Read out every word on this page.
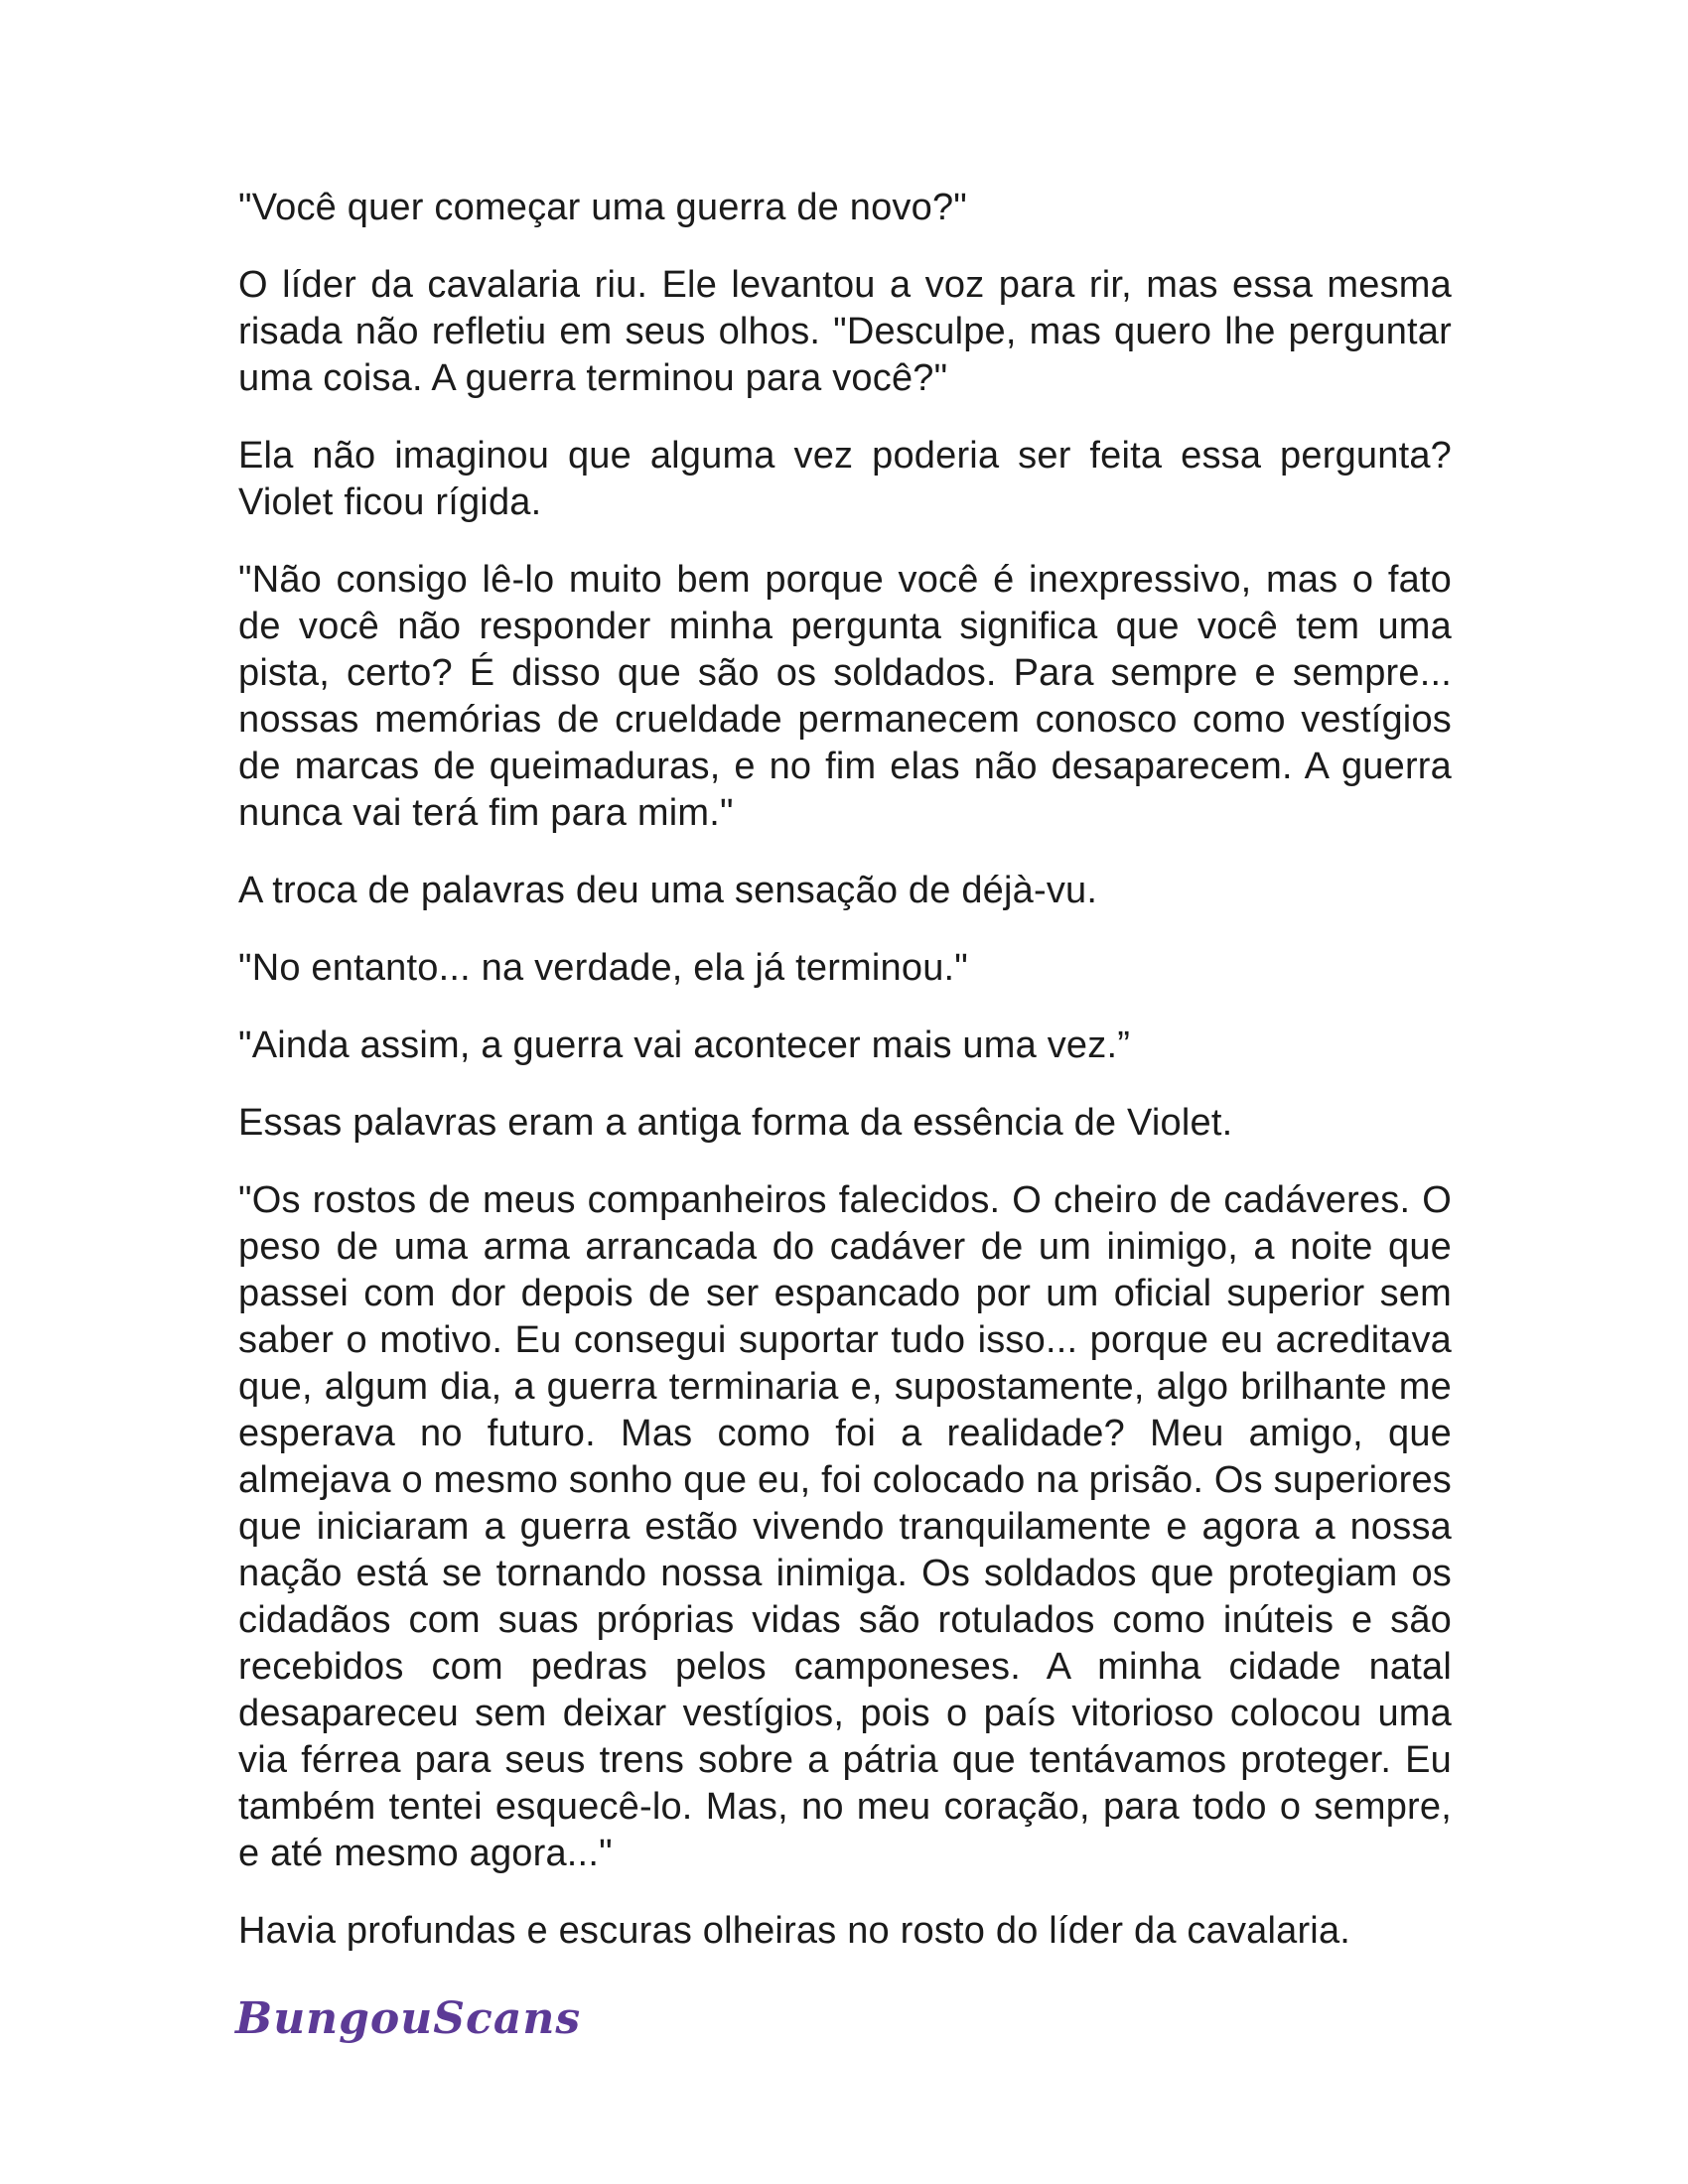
"Você quer começar uma guerra de novo?"

O líder da cavalaria riu. Ele levantou a voz para rir, mas essa mesma risada não refletiu em seus olhos. "Desculpe, mas quero lhe perguntar uma coisa. A guerra terminou para você?"

Ela não imaginou que alguma vez poderia ser feita essa pergunta? Violet ficou rígida.

"Não consigo lê-lo muito bem porque você é inexpressivo, mas o fato de você não responder minha pergunta significa que você tem uma pista, certo? É disso que são os soldados. Para sempre e sempre... nossas memórias de crueldade permanecem conosco como vestígios de marcas de queimaduras, e no fim elas não desaparecem. A guerra nunca vai terá fim para mim."

A troca de palavras deu uma sensação de déjà-vu.

"No entanto... na verdade, ela já terminou."

"Ainda assim, a guerra vai acontecer mais uma vez.”

Essas palavras eram a antiga forma da essência de Violet.

"Os rostos de meus companheiros falecidos. O cheiro de cadáveres. O peso de uma arma arrancada do cadáver de um inimigo, a noite que passei com dor depois de ser espancado por um oficial superior sem saber o motivo. Eu consegui suportar tudo isso... porque eu acreditava que, algum dia, a guerra terminaria e, supostamente, algo brilhante me esperava no futuro. Mas como foi a realidade? Meu amigo, que almejava o mesmo sonho que eu, foi colocado na prisão. Os superiores que iniciaram a guerra estão vivendo tranquilamente e agora a nossa nação está se tornando nossa inimiga. Os soldados que protegiam os cidadãos com suas próprias vidas são rotulados como inúteis e são recebidos com pedras pelos camponeses. A minha cidade natal desapareceu sem deixar vestígios, pois o país vitorioso colocou uma via férrea para seus trens sobre a pátria que tentávamos proteger. Eu também tentei esquecê-lo. Mas, no meu coração, para todo o sempre, e até mesmo agora..."

Havia profundas e escuras olheiras no rosto do líder da cavalaria.

BungouScans
